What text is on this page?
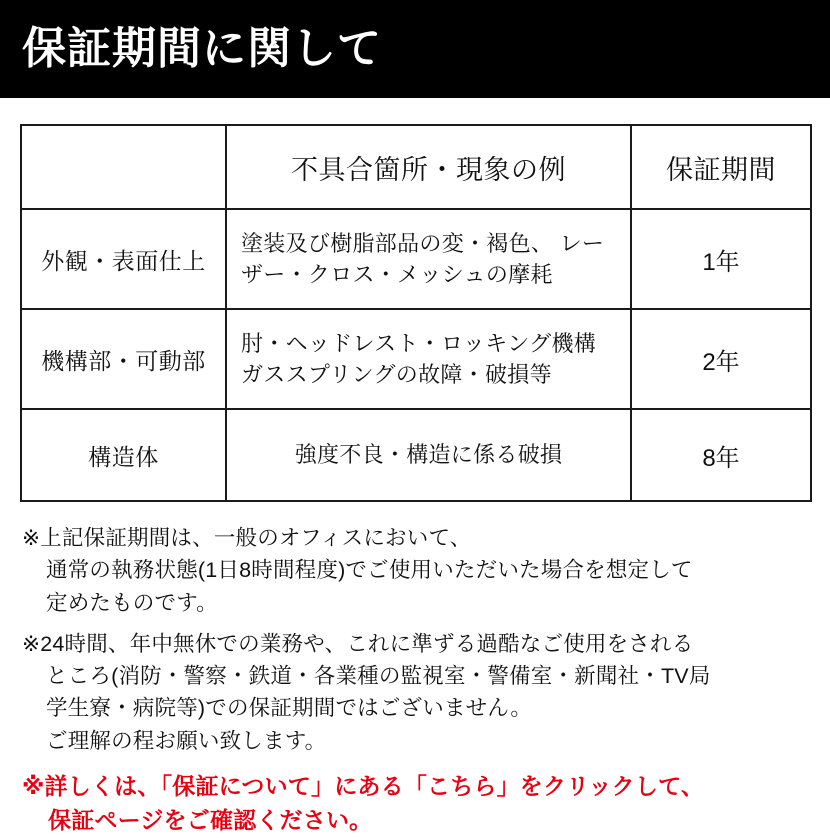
保証期間に関して
	不具合箇所・現象の例	保証期間
外観・表面仕上	塗装及び樹脂部品の変・褐色、 レーザー・クロス・メッシュの摩耗	1年
機構部・可動部	肘・ヘッドレスト・ロッキング機構 ガススプリングの故障・破損等	2年
構造体	強度不良・構造に係る破損	8年
※上記保証期間は、一般のオフィスにおいて、
通常の執務状態(1日8時間程度)でご使用いただいた場合を想定して
定めたものです。
※24時間、年中無休での業務や、これに準ずる過酷なご使用をされる
ところ(消防・警察・鉄道・各業種の監視室・警備室・新聞社・TV局
学生寮・病院等)での保証期間ではございません。
ご理解の程お願い致します。
※詳しくは、「保証について」にある「こちら」をクリックして、
保証ページをご確認ください。
